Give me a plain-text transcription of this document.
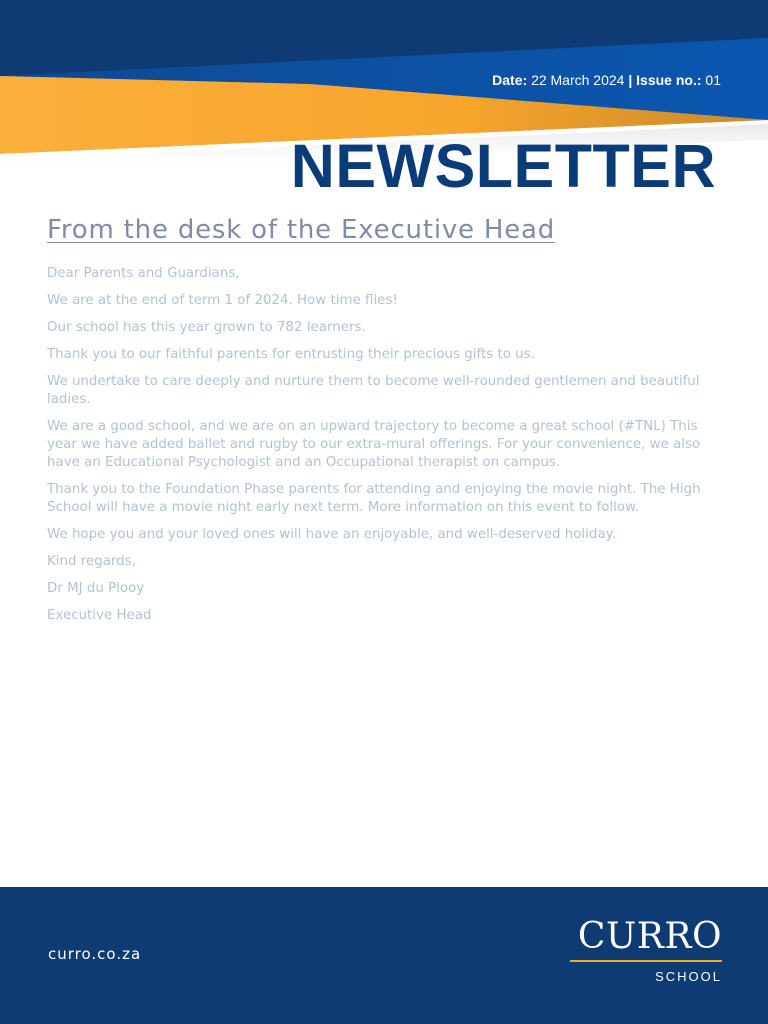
Date: 22 March 2024 | Issue no.: 01
NEWSLETTER
From the desk of the Executive Head

Dear Parents and Guardians,

We are at the end of term 1 of 2024. How time flies!

Our school has this year grown to 782 learners.

Thank you to our faithful parents for entrusting their precious gifts to us.

We undertake to care deeply and nurture them to become well-rounded gentlemen and beautiful ladies.

We are a good school, and we are on an upward trajectory to become a great school (#TNL) This year we have added ballet and rugby to our extra-mural offerings. For your convenience, we also have an Educational Psychologist and an Occupational therapist on campus.

Thank you to the Foundation Phase parents for attending and enjoying the movie night. The High School will have a movie night early next term. More information on this event to follow.

We hope you and your loved ones will have an enjoyable, and well-deserved holiday.

Kind regards,

Dr MJ du Plooy

Executive Head

curro.co.za	CURRO
SCHOOL
